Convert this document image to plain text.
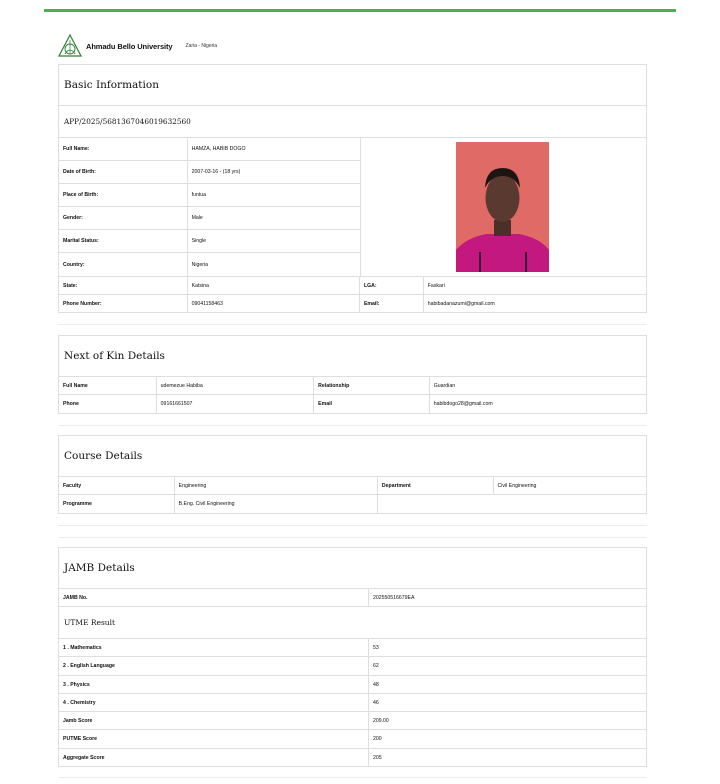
Ahmadu Bello University	Zaria - Nigeria
Basic Information
APP/2025/5681367046019632560
Full Name:	HAMZA, HABIB DOGO
Date of Birth:	2007-03-16 - (18 yrs)
Place of Birth:	funtua
Gender:	Male
Marital Status:	Single
Country:	Nigeria
State:	Katsina	LGA:	Faskari
Phone Number:	09041158463	Email:	habibadanazumi@gmail.com
Next of Kin Details
Full Name	udemezue Habiba	Relationship	Guardian
Phone	09161661507	Email	habibdogo28@gmail.com
Course Details
Faculty	Engineering	Department	Civil Engineering
Programme	B.Eng. Civil Engineering
JAMB Details
JAMB No.	202550516679EA
UTME Result
1 . Mathematics	53
2 . English Language	62
3 . Physics	48
4 . Chemistry	46
Jamb Score	209.00
PUTME Score	200
Aggregate Score	205
